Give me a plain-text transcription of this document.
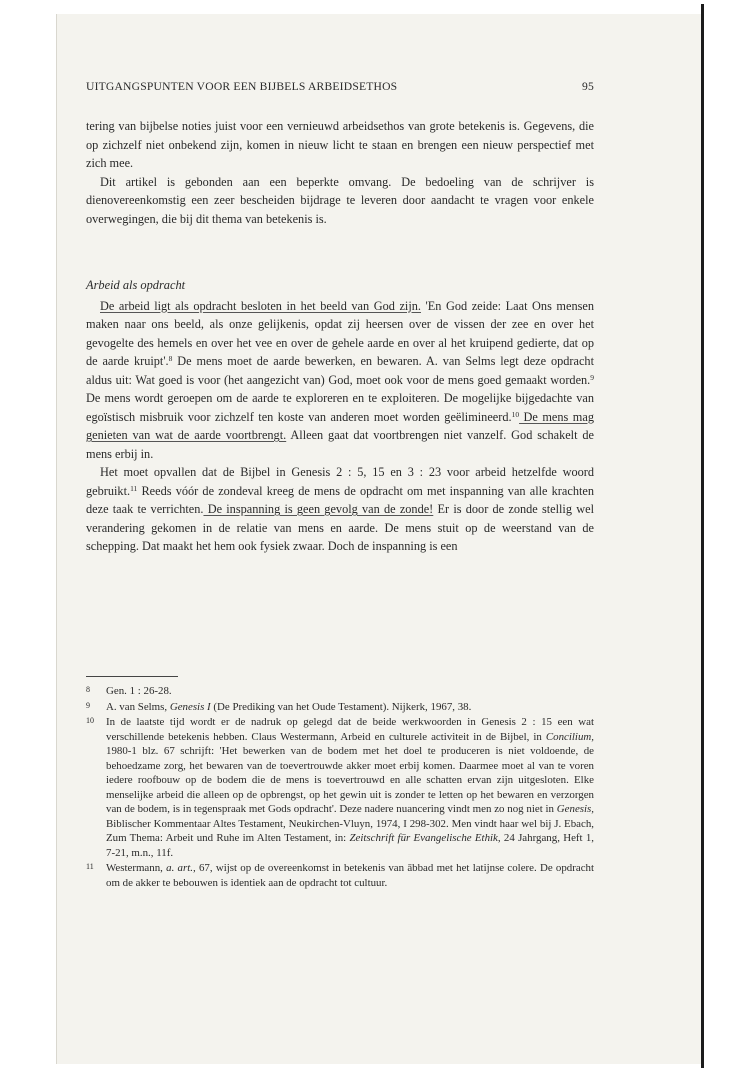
UITGANGSPUNTEN VOOR EEN BIJBELS ARBEIDSETHOS	95

tering van bijbelse noties juist voor een vernieuwd arbeidsethos van grote betekenis is. Gegevens, die op zichzelf niet onbekend zijn, komen in nieuw licht te staan en brengen een nieuw perspectief met zich mee.

Dit artikel is gebonden aan een beperkte omvang. De bedoeling van de schrijver is dienovereenkomstig een zeer bescheiden bijdrage te leveren door aandacht te vragen voor enkele overwegingen, die bij dit thema van betekenis is.

Arbeid als opdracht

De arbeid ligt als opdracht besloten in het beeld van God zijn. 'En God zeide: Laat Ons mensen maken naar ons beeld, als onze gelijkenis, opdat zij heersen over de vissen der zee en over het gevogelte des hemels en over het vee en over de gehele aarde en over al het kruipend gedierte, dat op de aarde kruipt'.$^8$ De mens moet de aarde bewerken, en bewaren. A. van Selms legt deze opdracht aldus uit: Wat goed is voor (het aangezicht van) God, moet ook voor de mens goed gemaakt worden.$^9$ De mens wordt geroepen om de aarde te exploreren en te exploiteren. De mogelijke bijgedachte van egoïstisch misbruik voor zichzelf ten koste van anderen moet worden geëlimineerd.$^{10}$ De mens mag genieten van wat de aarde voortbrengt. Alleen gaat dat voortbrengen niet vanzelf. God schakelt de mens erbij in.

Het moet opvallen dat de Bijbel in Genesis 2 : 5, 15 en 3 : 23 voor arbeid hetzelfde woord gebruikt.$^{11}$ Reeds vóór de zondeval kreeg de mens de opdracht om met inspanning van alle krachten deze taak te verrichten. De inspanning is geen gevolg van de zonde! Er is door de zonde stellig wel verandering gekomen in de relatie van mens en aarde. De mens stuit op de weerstand van de schepping. Dat maakt het hem ook fysiek zwaar. Doch de inspanning is een

8 Gen. 1 : 26-28.

9 A. van Selms, Genesis I (De Prediking van het Oude Testament). Nijkerk, 1967, 38.

10 In de laatste tijd wordt er de nadruk op gelegd dat de beide werkwoorden in Genesis 2 : 15 een wat verschillende betekenis hebben. Claus Westermann, Arbeid en culturele activiteit in de Bijbel, in Concilium, 1980-1 blz. 67 schrijft: 'Het bewerken van de bodem met het doel te produceren is niet voldoende, de behoedzame zorg, het bewaren van de toevertrouwde akker moet erbij komen. Daarmee moet al van te voren iedere roofbouw op de bodem die de mens is toevertrouwd en alle schatten ervan zijn uitgesloten. Elke menselijke arbeid die alleen op de opbrengst, op het gewin uit is zonder te letten op het bewaren en verzorgen van de bodem, is in tegenspraak met Gods opdracht'. Deze nadere nuancering vindt men zo nog niet in Genesis, Biblischer Kommentaar Altes Testament, Neukirchen-Vluyn, 1974, I 298-302. Men vindt haar wel bij J. Ebach, Zum Thema: Arbeit und Ruhe im Alten Testament, in: Zeitschrift für Evangelische Ethik, 24 Jahrgang, Heft 1, 7-21, m.n., 11f.

11 Westermann, a. art., 67, wijst op de overeenkomst in betekenis van ābbad met het latijnse colere. De opdracht om de akker te bebouwen is identiek aan de opdracht tot cultuur.
